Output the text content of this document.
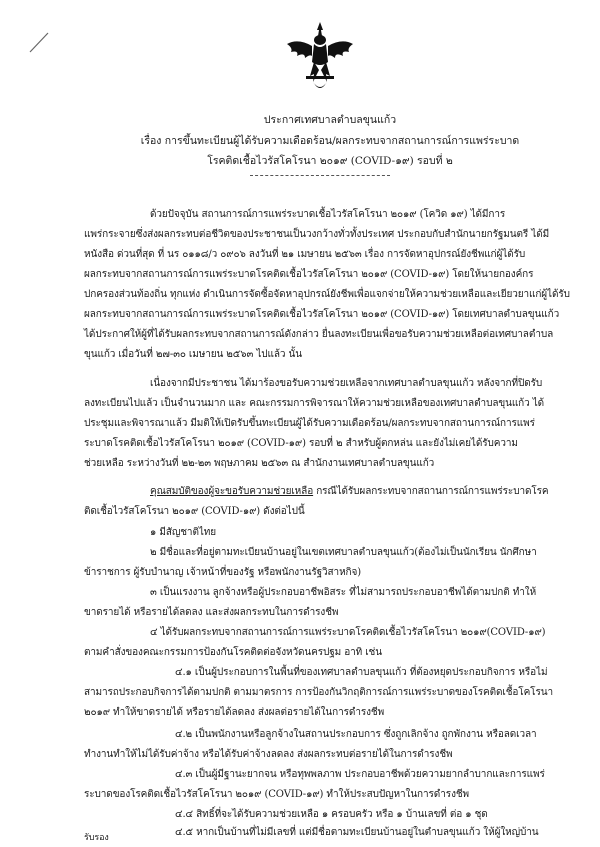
ประกาศเทศบาลตำบลขุนแก้ว
เรื่อง การขึ้นทะเบียนผู้ได้รับความเดือดร้อน/ผลกระทบจากสถานการณ์การแพร่ระบาด
โรคติดเชื้อไวรัสโคโรนา ๒๐๑๙ (COVID-๑๙) รอบที่ ๒
ด้วยปัจจุบัน สถานการณ์การแพร่ระบาดเชื้อไวรัสโคโรนา ๒๐๑๙ (โควิด ๑๙) ได้มีการ
แพร่กระจายซึ่งส่งผลกระทบต่อชีวิตของประชาชนเป็นวงกว้างทั่วทั้งประเทศ ประกอบกับสำนักนายกรัฐมนตรี ได้มี
หนังสือ ด่วนที่สุด ที่ นร ๐๑๑๘/ว ๐๙๐๖ ลงวันที่ ๒๑ เมษายน ๒๕๖๓ เรื่อง การจัดหาอุปกรณ์ยังชีพแก่ผู้ได้รับ
ผลกระทบจากสถานการณ์การแพร่ระบาดโรคติดเชื้อไวรัสโคโรนา ๒๐๑๙ (COVID-๑๙) โดยให้นายกองค์กร
ปกครองส่วนท้องถิ่น ทุกแห่ง ดำเนินการจัดซื้อจัดหาอุปกรณ์ยังชีพเพื่อแจกจ่ายให้ความช่วยเหลือและเยียวยาแก่ผู้ได้รับ
ผลกระทบจากสถานการณ์การแพร่ระบาดโรคติดเชื้อไวรัสโคโรนา ๒๐๑๙ (COVID-๑๙) โดยเทศบาลตำบลขุนแก้ว
ได้ประกาศให้ผู้ที่ได้รับผลกระทบจากสถานการณ์ดังกล่าว ยื่นลงทะเบียนเพื่อขอรับความช่วยเหลือต่อเทศบาลตำบล
ขุนแก้ว เมื่อวันที่ ๒๗-๓๐ เมษายน ๒๕๖๓ ไปแล้ว นั้น
เนื่องจากมีประชาชน ได้มาร้องขอรับความช่วยเหลือจากเทศบาลตำบลขุนแก้ว หลังจากที่ปิดรับ
ลงทะเบียนไปแล้ว เป็นจำนวนมาก และ คณะกรรมการพิจารณาให้ความช่วยเหลือของเทศบาลตำบลขุนแก้ว ได้
ประชุมและพิจารณาแล้ว มีมติให้เปิดรับขึ้นทะเบียนผู้ได้รับความเดือดร้อน/ผลกระทบจากสถานการณ์การแพร่
ระบาดโรคติดเชื้อไวรัสโคโรนา ๒๐๑๙ (COVID-๑๙) รอบที่ ๒ สำหรับผู้ตกหล่น และยังไม่เคยได้รับความ
ช่วยเหลือ ระหว่างวันที่ ๒๒-๒๓ พฤษภาคม ๒๕๖๓ ณ สำนักงานเทศบาลตำบลขุนแก้ว
คุณสมบัติของผู้จะขอรับความช่วยเหลือ กรณีได้รับผลกระทบจากสถานการณ์การแพร่ระบาดโรค
ติดเชื้อไวรัสโคโรนา ๒๐๑๙ (COVID-๑๙) ดังต่อไปนี้
๑ มีสัญชาติไทย
๒ มีชื่อและที่อยู่ตามทะเบียนบ้านอยู่ในเขตเทศบาลตำบลขุนแก้ว(ต้องไม่เป็นนักเรียน นักศึกษา
ข้าราชการ ผู้รับบำนาญ เจ้าหน้าที่ของรัฐ หรือพนักงานรัฐวิสาหกิจ)
๓ เป็นแรงงาน ลูกจ้างหรือผู้ประกอบอาชีพอิสระ ที่ไม่สามารถประกอบอาชีพได้ตามปกติ ทำให้
ขาดรายได้ หรือรายได้ลดลง และส่งผลกระทบในการดำรงชีพ
๔ ได้รับผลกระทบจากสถานการณ์การแพร่ระบาดโรคติดเชื้อไวรัสโคโรนา ๒๐๑๙(COVID-๑๙)
ตามคำสั่งของคณะกรรมการป้องกันโรคติดต่อจังหวัดนครปฐม อาทิ เช่น
๔.๑ เป็นผู้ประกอบการในพื้นที่ของเทศบาลตำบลขุนแก้ว ที่ต้องหยุดประกอบกิจการ หรือไม่
สามารถประกอบกิจการได้ตามปกติ ตามมาตรการ การป้องกันวิกฤติการณ์การแพร่ระบาดของโรคติดเชื้อโคโรนา
๒๐๑๙ ทำให้ขาดรายได้ หรือรายได้ลดลง ส่งผลต่อรายได้ในการดำรงชีพ
๔.๒ เป็นพนักงานหรือลูกจ้างในสถานประกอบการ ซึ่งถูกเลิกจ้าง ถูกพักงาน หรือลดเวลา
ทำงานทำให้ไม่ได้รับค่าจ้าง หรือได้รับค่าจ้างลดลง ส่งผลกระทบต่อรายได้ในการดำรงชีพ
๔.๓ เป็นผู้มีฐานะยากจน หรือทุพพลภาพ ประกอบอาชีพด้วยความยากลำบากและการแพร่
ระบาดของโรคติดเชื้อไวรัสโคโรนา ๒๐๑๙ (COVID-๑๙) ทำให้ประสบปัญหาในการดำรงชีพ
๔.๔ สิทธิ์ที่จะได้รับความช่วยเหลือ ๑ ครอบครัว หรือ ๑ บ้านเลขที่ ต่อ ๑ ชุด
๔.๕ หากเป็นบ้านที่ไม่มีเลขที่ แต่มีชื่อตามทะเบียนบ้านอยู่ในตำบลขุนแก้ว ให้ผู้ใหญ่บ้าน
รับรอง
